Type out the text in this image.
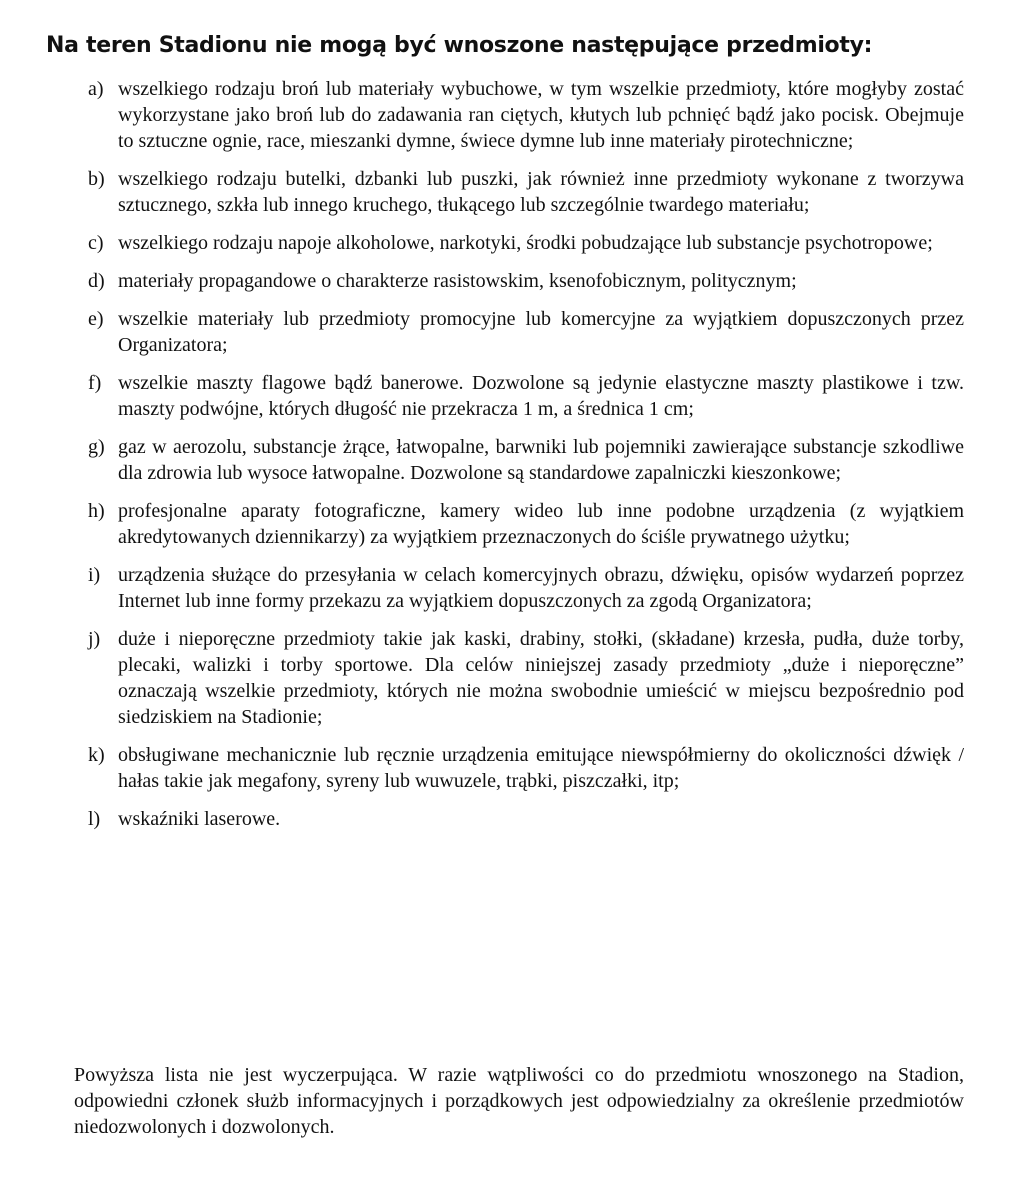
Na teren Stadionu nie mogą być wnoszone następujące przedmioty:
a) wszelkiego rodzaju broń lub materiały wybuchowe, w tym wszelkie przedmioty, które mogłyby zostać wykorzystane jako broń lub do zadawania ran ciętych, kłutych lub pchnięć bądź jako pocisk. Obejmuje to sztuczne ognie, race, mieszanki dymne, świece dymne lub inne materiały pirotechniczne;
b) wszelkiego rodzaju butelki, dzbanki lub puszki, jak również inne przedmioty wykonane z tworzywa sztucznego, szkła lub innego kruchego, tłukącego lub szczególnie twardego materiału;
c) wszelkiego rodzaju napoje alkoholowe, narkotyki, środki pobudzające lub substancje psychotropowe;
d) materiały propagandowe o charakterze rasistowskim, ksenofobicznym, politycznym;
e) wszelkie materiały lub przedmioty promocyjne lub komercyjne za wyjątkiem dopuszczonych przez Organizatora;
f) wszelkie maszty flagowe bądź banerowe. Dozwolone są jedynie elastyczne maszty plastikowe i tzw. maszty podwójne, których długość nie przekracza 1 m, a średnica 1 cm;
g) gaz w aerozolu, substancje żrące, łatwopalne, barwniki lub pojemniki zawierające substancje szkodliwe dla zdrowia lub wysoce łatwopalne. Dozwolone są standardowe zapalniczki kieszonkowe;
h) profesjonalne aparaty fotograficzne, kamery wideo lub inne podobne urządzenia (z wyjątkiem akredytowanych dziennikarzy) za wyjątkiem przeznaczonych do ściśle prywatnego użytku;
i) urządzenia służące do przesyłania w celach komercyjnych obrazu, dźwięku, opisów wydarzeń poprzez Internet lub inne formy przekazu za wyjątkiem dopuszczonych za zgodą Organizatora;
j) duże i nieporęczne przedmioty takie jak kaski, drabiny, stołki, (składane) krzesła, pudła, duże torby, plecaki, walizki i torby sportowe. Dla celów niniejszej zasady przedmioty „duże i nieporęczne” oznaczają wszelkie przedmioty, których nie można swobodnie umieścić w miejscu bezpośrednio pod siedziskiem na Stadionie;
k) obsługiwane mechanicznie lub ręcznie urządzenia emitujące niewspółmierny do okoliczności dźwięk / hałas takie jak megafony, syreny lub wuwuzele, trąbki, piszczałki, itp;
l) wskaźniki laserowe.

Powyższa lista nie jest wyczerpująca. W razie wątpliwości co do przedmiotu wnoszonego na Stadion, odpowiedni członek służb informacyjnych i porządkowych jest odpowiedzialny za określenie przedmiotów niedozwolonych i dozwolonych.
